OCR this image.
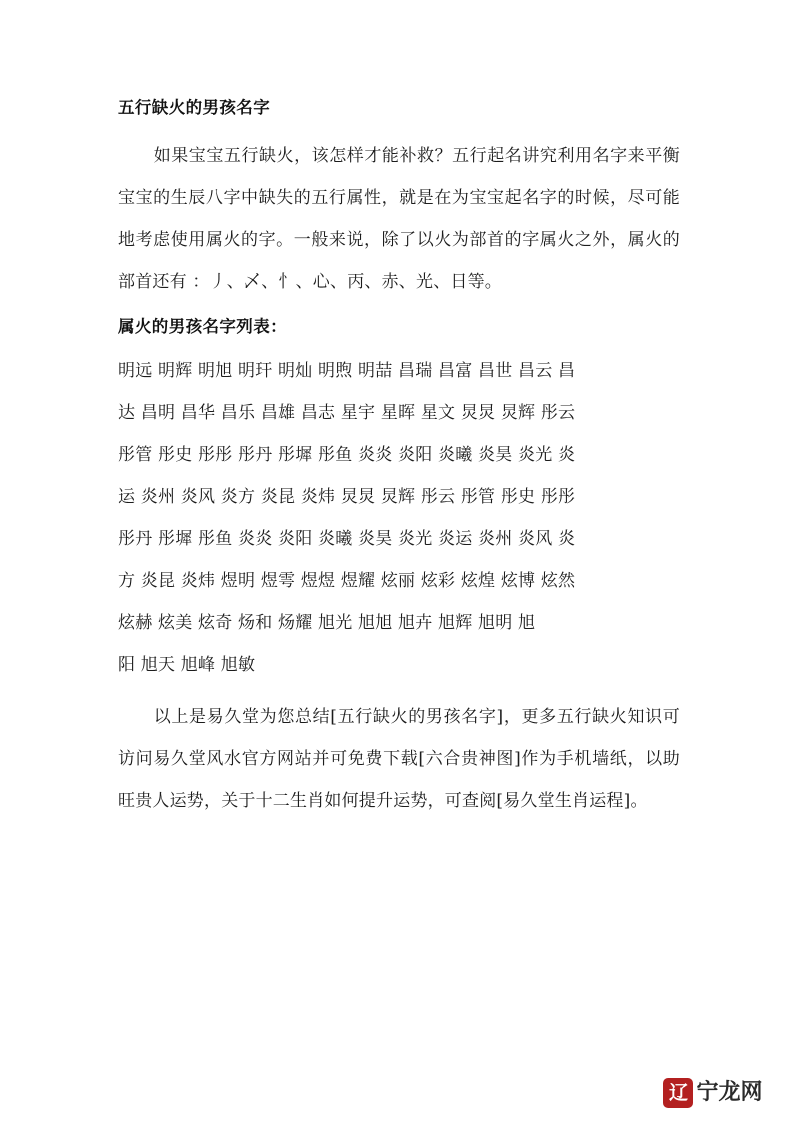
五行缺火的男孩名字

如果宝宝五行缺火，该怎样才能补救？五行起名讲究利用名字来平衡宝宝的生辰八字中缺失的五行属性，就是在为宝宝起名字的时候，尽可能地考虑使用属火的字。一般来说，除了以火为部首的字属火之外，属火的部首还有 ：丿、乄、忄、心、丙、赤、光、日等。

属火的男孩名字列表：
明远 明辉 明旭 明玕 明灿 明煦 明喆 昌瑞 昌富 昌世 昌云 昌
达 昌明 昌华 昌乐 昌雄 昌志 星宇 星晖 星文 炅炅 炅辉 彤云
彤管 彤史 彤彤 彤丹 彤墀 彤鱼 炎炎 炎阳 炎曦 炎昊 炎光 炎
运 炎州 炎风 炎方 炎昆 炎炜 炅炅 炅辉 彤云 彤管 彤史 彤彤
彤丹 彤墀 彤鱼 炎炎 炎阳 炎曦 炎昊 炎光 炎运 炎州 炎风 炎
方 炎昆 炎炜 煜明 煜雩 煜煜 煜耀 炫丽 炫彩 炫煌 炫博 炫然
炫赫 炫美 炫奇 炀和 炀耀 旭光 旭旭 旭卉 旭辉 旭明 旭
阳 旭天 旭峰 旭敏

以上是易久堂为您总结[五行缺火的男孩名字]，更多五行缺火知识可访问易久堂风水官方网站并可免费下载[六合贵神图]作为手机墙纸，以助旺贵人运势，关于十二生肖如何提升运势，可查阅[易久堂生肖运程]。

辽 宁龙网
